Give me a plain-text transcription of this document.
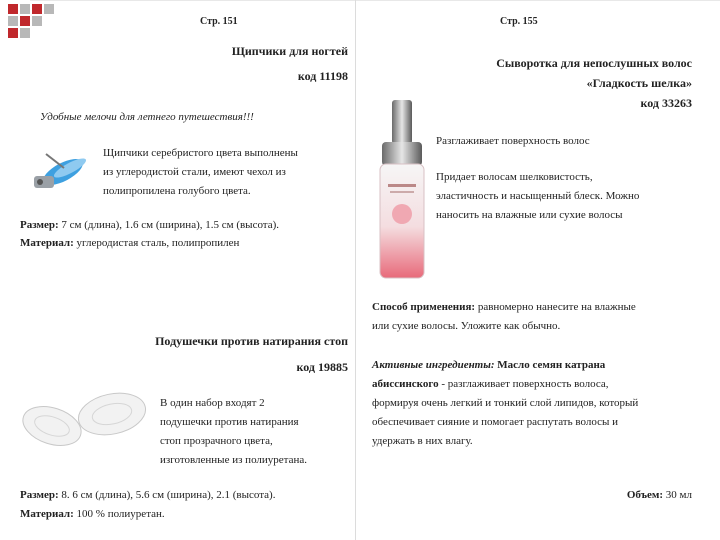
Стр. 151
Щипчики для ногтей
код 11198
Удобные мелочи для летнего путешествия!!!
Щипчики серебристого цвета выполнены
из углеродистой стали, имеют чехол из
полипропилена голубого цвета.
Размер: 7 см (длина), 1.6 см (ширина), 1.5 см (высота).
Материал: углеродистая сталь, полипропилен
Подушечки против натирания стоп
код 19885
В один набор входят 2
подушечки против натирания
стоп прозрачного цвета,
изготовленные из полиуретана.
Размер: 8. 6 см (длина), 5.6 см (ширина), 2.1 (высота).
Материал: 100 % полиуретан.
Стр. 155
Сыворотка для непослушных волос
«Гладкость шелка»
код 33263
Разглаживает поверхность волос
Придает волосам шелковистость,
эластичность и насыщенный блеск. Можно
наносить на влажные или сухие волосы
Способ применения: равномерно нанесите на влажные
или сухие волосы. Уложите как обычно.
Активные ингредиенты: Масло семян катрана
абиссинского - разглаживает поверхность волоса,
формируя очень легкий и тонкий слой липидов, который
обеспечивает сияние и помогает распутать волосы и
удержать в них влагу.
Объем: 30 мл
